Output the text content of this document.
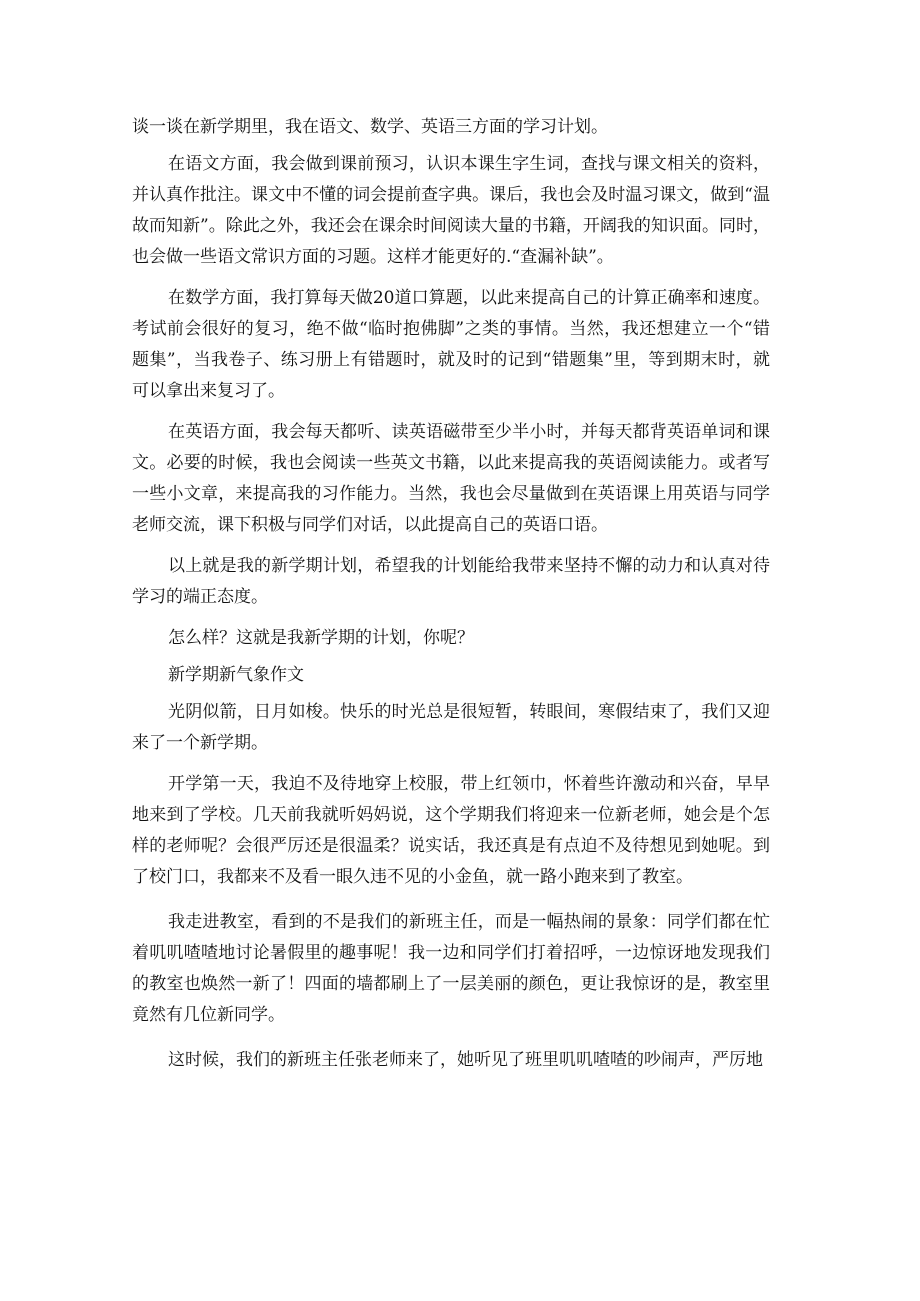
谈一谈在新学期里，我在语文、数学、英语三方面的学习计划。

在语文方面，我会做到课前预习，认识本课生字生词，查找与课文相关的资料，并认真作批注。课文中不懂的词会提前查字典。课后，我也会及时温习课文，做到“温故而知新”。除此之外，我还会在课余时间阅读大量的书籍，开阔我的知识面。同时，也会做一些语文常识方面的习题。这样才能更好的.“查漏补缺”。

在数学方面，我打算每天做20道口算题，以此来提高自己的计算正确率和速度。考试前会很好的复习，绝不做“临时抱佛脚”之类的事情。当然，我还想建立一个“错题集”，当我卷子、练习册上有错题时，就及时的记到“错题集”里，等到期末时，就可以拿出来复习了。

在英语方面，我会每天都听、读英语磁带至少半小时，并每天都背英语单词和课文。必要的时候，我也会阅读一些英文书籍，以此来提高我的英语阅读能力。或者写一些小文章，来提高我的习作能力。当然，我也会尽量做到在英语课上用英语与同学老师交流，课下积极与同学们对话，以此提高自己的英语口语。

以上就是我的新学期计划，希望我的计划能给我带来坚持不懈的动力和认真对待学习的端正态度。

怎么样？这就是我新学期的计划，你呢？

新学期新气象作文

光阴似箭，日月如梭。快乐的时光总是很短暂，转眼间，寒假结束了，我们又迎来了一个新学期。

开学第一天，我迫不及待地穿上校服，带上红领巾，怀着些许激动和兴奋，早早地来到了学校。几天前我就听妈妈说，这个学期我们将迎来一位新老师，她会是个怎样的老师呢？会很严厉还是很温柔？说实话，我还真是有点迫不及待想见到她呢。到了校门口，我都来不及看一眼久违不见的小金鱼，就一路小跑来到了教室。

我走进教室，看到的不是我们的新班主任，而是一幅热闹的景象：同学们都在忙着叽叽喳喳地讨论暑假里的趣事呢！我一边和同学们打着招呼，一边惊讶地发现我们的教室也焕然一新了！四面的墙都刷上了一层美丽的颜色，更让我惊讶的是，教室里竟然有几位新同学。

这时候，我们的新班主任张老师来了，她听见了班里叽叽喳喳的吵闹声，严厉地
